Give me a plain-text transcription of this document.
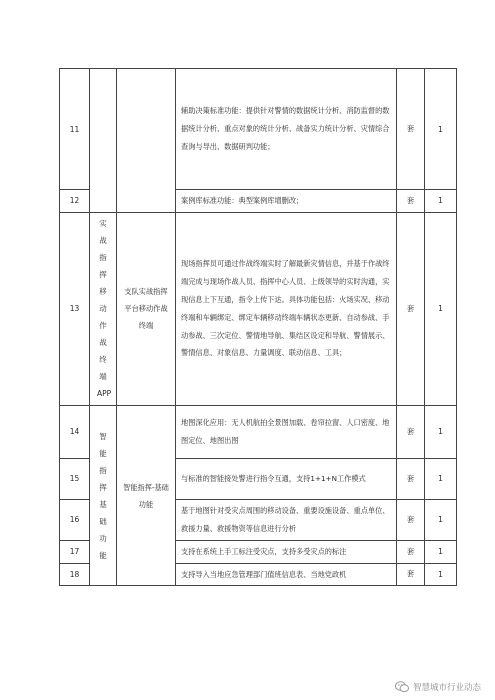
11			辅助决策标准功能：提供针对警情的数据统计分析、消防监督的数据统计分析、重点对象的统计分析、战备实力统计分析、灾情综合查询与导出、数据研判功能；	套	1
12			案例库标准功能：典型案例库增删改；	套	1
13	实战指挥移动作战终端APP	支队实战指挥平台移动作战终端	现场指挥员可通过作战终端实时了解最新灾情信息，并基于作战终端完成与现场作战人员、指挥中心人员、上级领导的实时沟通，实现信息上下互通，指令上传下达。具体功能包括：火场实况、移动终端和车辆绑定、绑定车辆移动终端车辆状态更新、自动参战、手动参战、三次定位、警情地导航、集结区设定和导航、警情展示、警情信息、对象信息、力量调度、联动信息、工具；	套	1
14	智能指挥基础功能	智能指挥-基础功能	地图深化应用：无人机航拍全景图加载、卷帘拉窗、人口密度、地图定位、地图出图	套	1
15			与标准的智能接处警进行指令互通，支持1+1+N工作模式	套	1
16			基于地图针对受灾点周围的移动设备、重要设施设备、重点单位、救援力量、救援物资等信息进行分析	套	1
17			支持在系统上手工标注受灾点，支持多受灾点的标注	套	1
18			支持导入当地应急管理部门值班信息表、当地党政机	套	1
智慧城市行业动态
